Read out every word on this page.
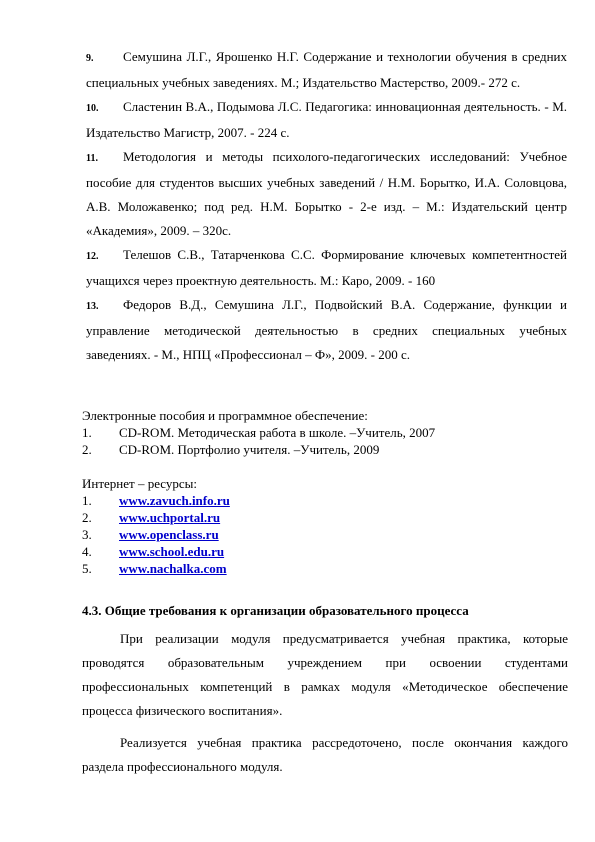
9. Семушина Л.Г., Ярошенко Н.Г. Содержание и технологии обучения в средних специальных учебных заведениях. М.; Издательство Мастерство, 2009.- 272 с.

10. Сластенин В.А., Подымова Л.С. Педагогика: инновационная деятельность. - М. Издательство Магистр, 2007. - 224 с.

11. Методология и методы психолого-педагогических исследований: Учебное пособие для студентов высших учебных заведений / Н.М. Борытко, И.А. Соловцова, А.В. Моложавенко; под ред. Н.М. Борытко - 2-е изд. – М.: Издательский центр «Академия», 2009. – 320с.

12. Телешов С.В., Татарченкова С.С. Формирование ключевых компетентностей учащихся через проектную деятельность. М.: Каро, 2009. - 160

13. Федоров В.Д., Семушина Л.Г., Подвойский В.А. Содержание, функции и управление методической деятельностью в средних специальных учебных заведениях. - М., НПЦ «Профессионал – Ф», 2009. - 200 с.

Электронные пособия и программное обеспечение:
1. CD-ROM. Методическая работа в школе. –Учитель, 2007
2. CD-ROM. Портфолио учителя. –Учитель, 2009
Интернет – ресурсы:
1. www.zavuch.info.ru
2. www.uchportal.ru
3. www.openclass.ru
4. www.school.edu.ru
5. www.nachalka.com
4.3. Общие требования к организации образовательного процесса

При реализации модуля предусматривается учебная практика, которые проводятся образовательным учреждением при освоении студентами профессиональных компетенций в рамках модуля «Методическое обеспечение процесса физического воспитания».

Реализуется учебная практика рассредоточено, после окончания каждого раздела профессионального модуля.
